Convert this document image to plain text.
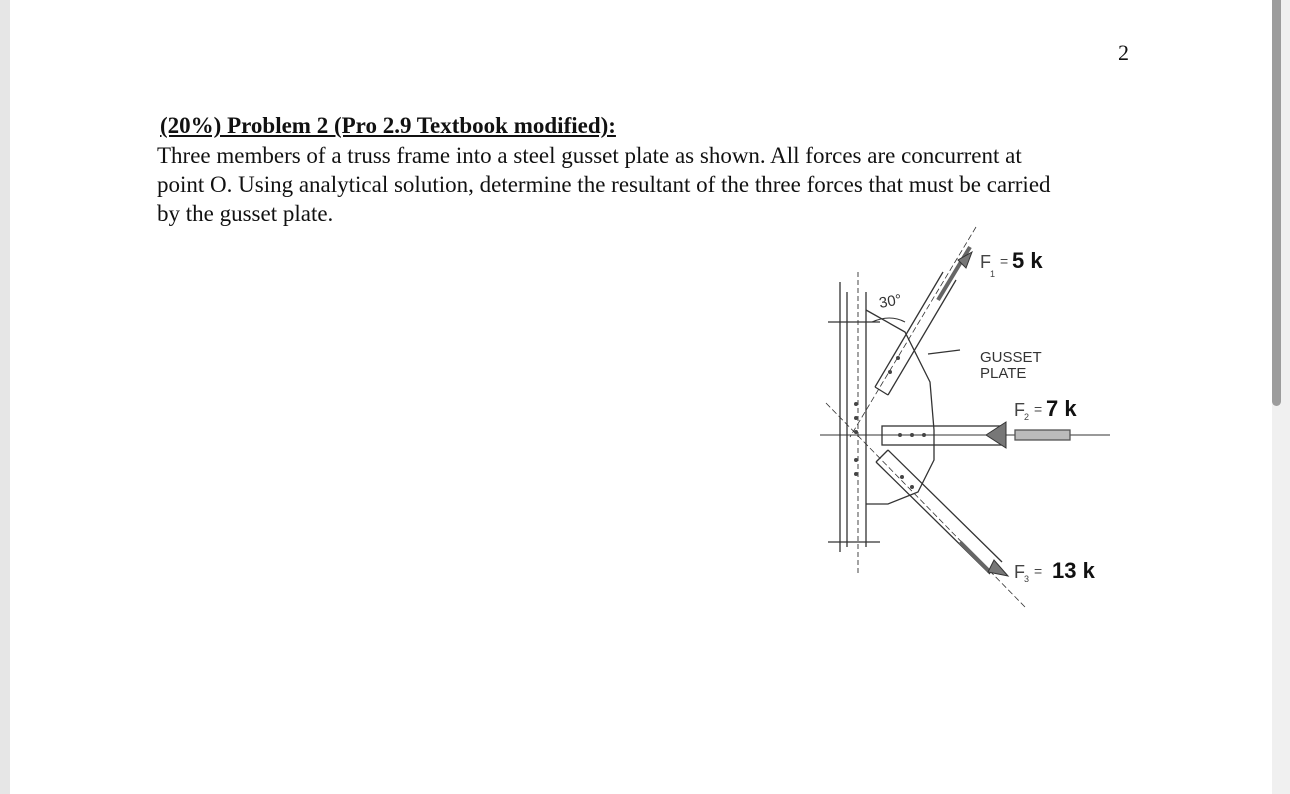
2
(20%) Problem 2 (Pro 2.9 Textbook modified):
Three members of a truss frame into a steel gusset plate as shown. All forces are concurrent at
point O. Using analytical solution, determine the resultant of the three forces that must be carried
by the gusset plate.
30°
GUSSET
PLATE
F
1
= 5 k
F 2 = 7 k
F 3 = 13 k
